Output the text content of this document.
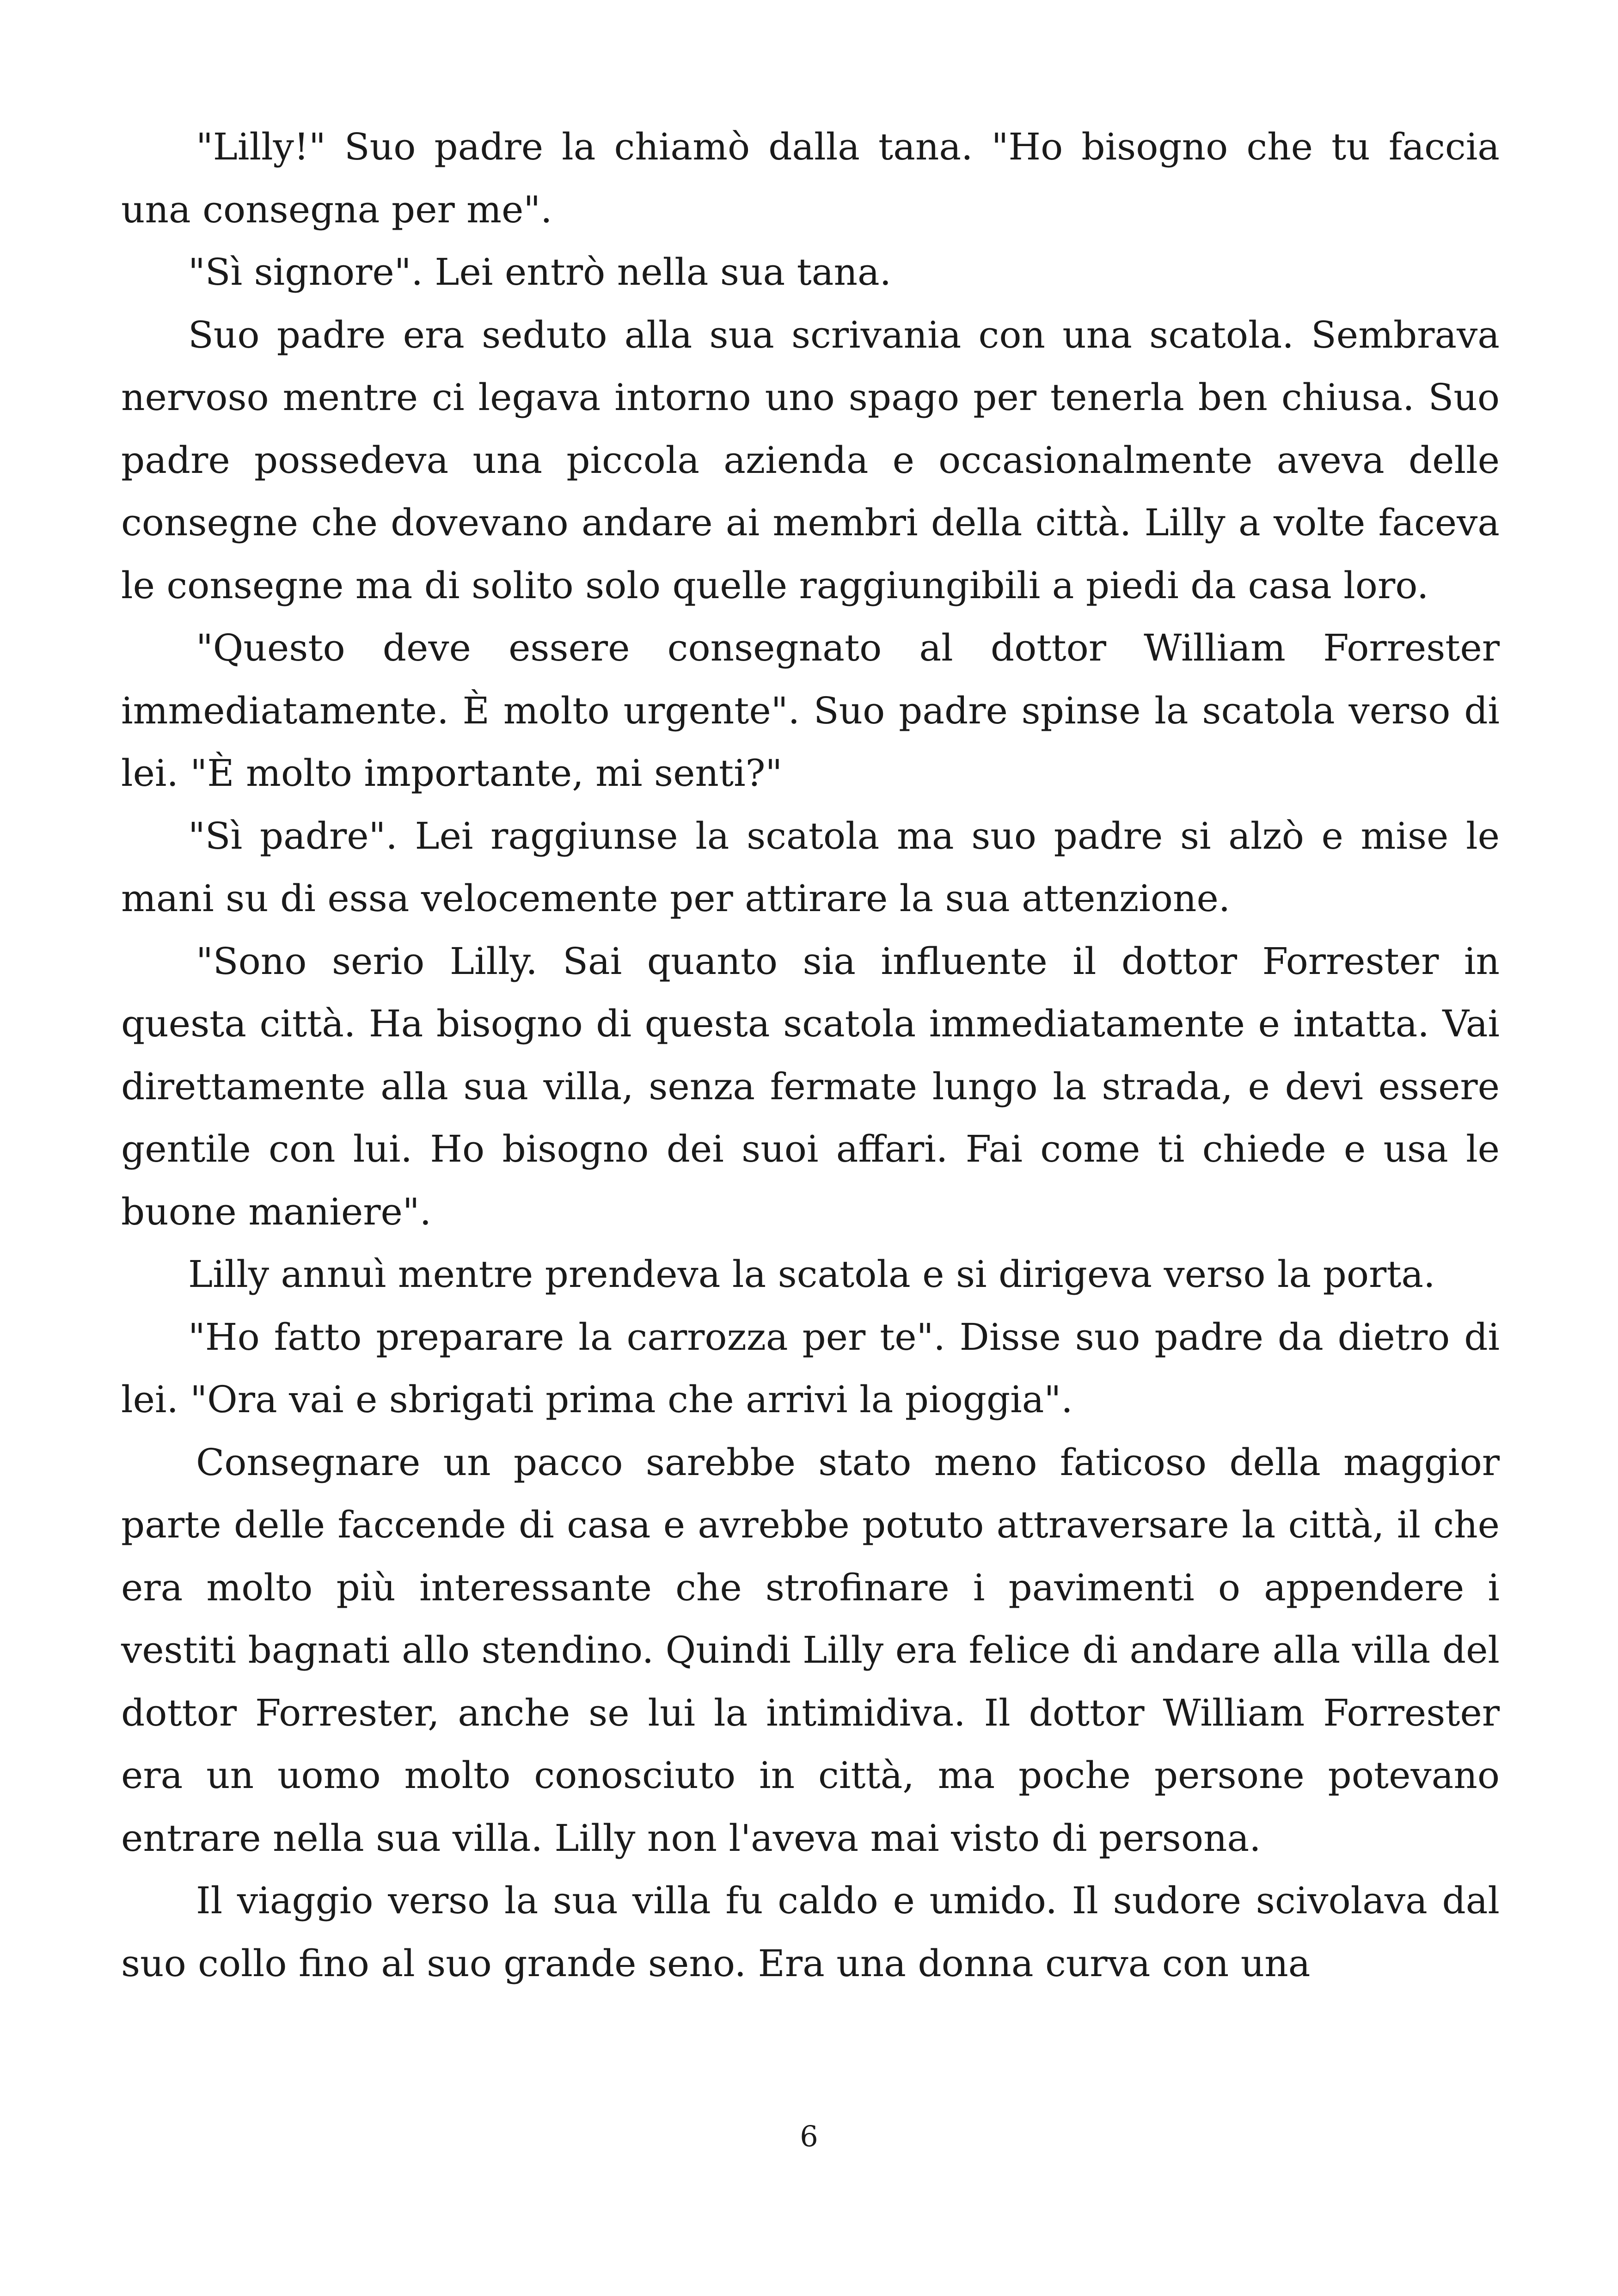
"Lilly!" Suo padre la chiamò dalla tana. "Ho bisogno che tu faccia una consegna per me".

"Sì signore". Lei entrò nella sua tana.

Suo padre era seduto alla sua scrivania con una scatola. Sembrava nervoso mentre ci legava intorno uno spago per tenerla ben chiusa. Suo padre possedeva una piccola azienda e occasionalmente aveva delle consegne che dovevano andare ai membri della città. Lilly a volte faceva le consegne ma di solito solo quelle raggiungibili a piedi da casa loro.

"Questo deve essere consegnato al dottor William Forrester immediatamente. È molto urgente". Suo padre spinse la scatola verso di lei. "È molto importante, mi senti?"

"Sì padre". Lei raggiunse la scatola ma suo padre si alzò e mise le mani su di essa velocemente per attirare la sua attenzione.

"Sono serio Lilly. Sai quanto sia influente il dottor Forrester in questa città. Ha bisogno di questa scatola immediatamente e intatta. Vai direttamente alla sua villa, senza fermate lungo la strada, e devi essere gentile con lui. Ho bisogno dei suoi affari. Fai come ti chiede e usa le buone maniere".

Lilly annuì mentre prendeva la scatola e si dirigeva verso la porta.

"Ho fatto preparare la carrozza per te". Disse suo padre da dietro di lei. "Ora vai e sbrigati prima che arrivi la pioggia".

Consegnare un pacco sarebbe stato meno faticoso della maggior parte delle faccende di casa e avrebbe potuto attraversare la città, il che era molto più interessante che strofinare i pavimenti o appendere i vestiti bagnati allo stendino. Quindi Lilly era felice di andare alla villa del dottor Forrester, anche se lui la intimidiva. Il dottor William Forrester era un uomo molto conosciuto in città, ma poche persone potevano entrare nella sua villa. Lilly non l'aveva mai visto di persona.

Il viaggio verso la sua villa fu caldo e umido. Il sudore scivolava dal suo collo fino al suo grande seno. Era una donna curva con una

6
